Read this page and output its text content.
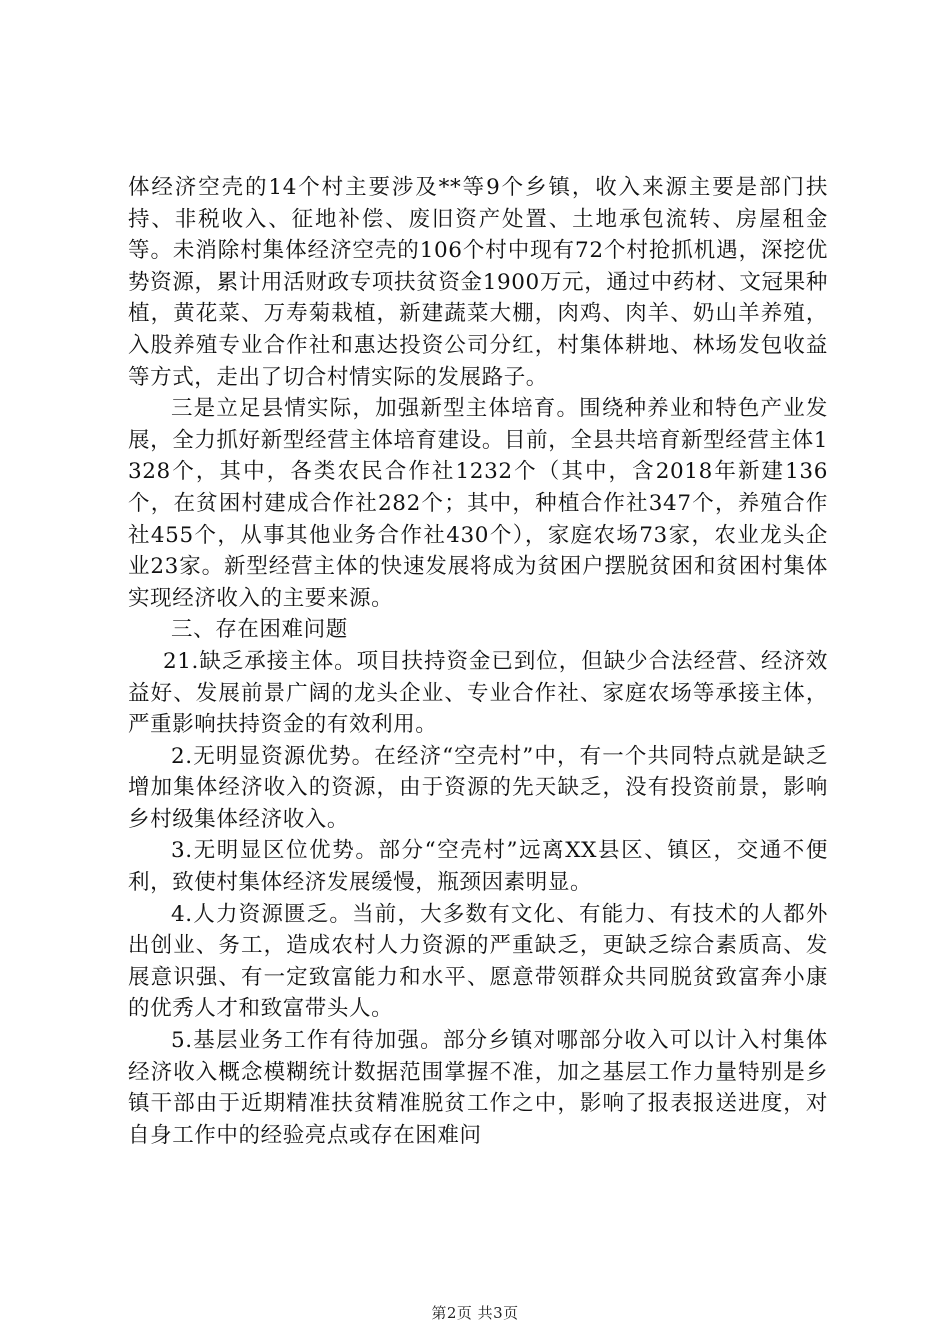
体经济空壳的14个村主要涉及**等9个乡镇，收入来源主要是部门扶持、非税收入、征地补偿、废旧资产处置、土地承包流转、房屋租金等。未消除村集体经济空壳的106个村中现有72个村抢抓机遇，深挖优势资源，累计用活财政专项扶贫资金1900万元，通过中药材、文冠果种植，黄花菜、万寿菊栽植，新建蔬菜大棚，肉鸡、肉羊、奶山羊养殖，入股养殖专业合作社和惠达投资公司分红，村集体耕地、林场发包收益等方式，走出了切合村情实际的发展路子。

三是立足县情实际，加强新型主体培育。围绕种养业和特色产业发展，全力抓好新型经营主体培育建设。目前，全县共培育新型经营主体1328个，其中，各类农民合作社1232个（其中，含2018年新建136个，在贫困村建成合作社282个；其中，种植合作社347个，养殖合作社455个，从事其他业务合作社430个），家庭农场73家，农业龙头企业23家。新型经营主体的快速发展将成为贫困户摆脱贫困和贫困村集体实现经济收入的主要来源。

三、存在困难问题

21.缺乏承接主体。项目扶持资金已到位，但缺少合法经营、经济效益好、发展前景广阔的龙头企业、专业合作社、家庭农场等承接主体，严重影响扶持资金的有效利用。

2.无明显资源优势。在经济“空壳村”中，有一个共同特点就是缺乏增加集体经济收入的资源，由于资源的先天缺乏，没有投资前景，影响乡村级集体经济收入。

3.无明显区位优势。部分“空壳村”远离XX县区、镇区，交通不便利，致使村集体经济发展缓慢，瓶颈因素明显。

4.人力资源匮乏。当前，大多数有文化、有能力、有技术的人都外出创业、务工，造成农村人力资源的严重缺乏，更缺乏综合素质高、发展意识强、有一定致富能力和水平、愿意带领群众共同脱贫致富奔小康的优秀人才和致富带头人。

5.基层业务工作有待加强。部分乡镇对哪部分收入可以计入村集体经济收入概念模糊统计数据范围掌握不准，加之基层工作力量特别是乡镇干部由于近期精准扶贫精准脱贫工作之中，影响了报表报送进度，对自身工作中的经验亮点或存在困难问

第2页 共3页
